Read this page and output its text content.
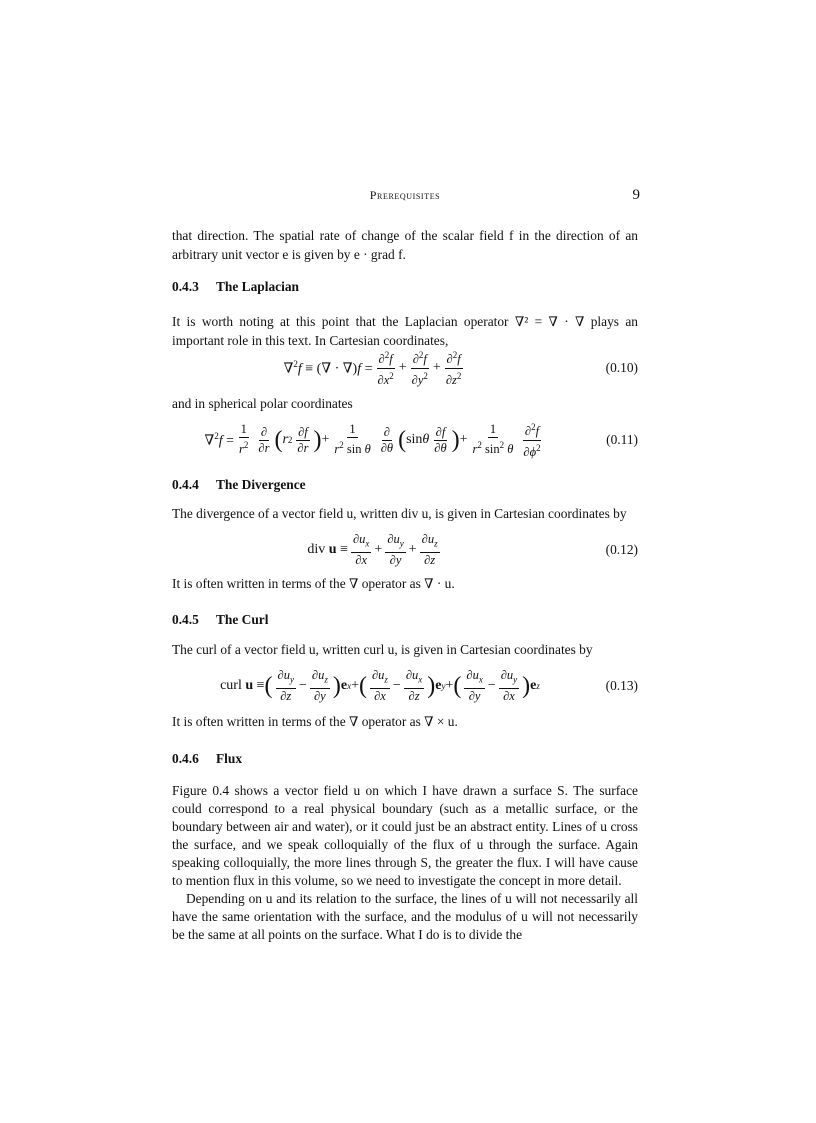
Prerequisites	9
that direction. The spatial rate of change of the scalar field f in the direction of an arbitrary unit vector e is given by e · grad f.
0.4.3 The Laplacian
It is worth noting at this point that the Laplacian operator ∇² = ∇ · ∇ plays an important role in this text. In Cartesian coordinates,
∇$^2$f ≡ (∇ · $\nabla)f = \frac{\partial^2f}{\partial x^2} + \frac{\partial^2f}{\partial y^2} + \frac{\partial^2f}{\partial z^2}$	(0.10)
and in spherical polar coordinates
$\nabla^2f = \frac{1}{r^2} \frac{\partial}{\partial r}$ ( r $2 \frac{\partial f}{\partial r}$ ) + $\frac{1}{r^2 \sin \theta} \frac{\partial}{\partial\theta}$ ( sin θ $\frac{\partial f}{\partial\theta}$ ) + $\frac{1}{r^2 \sin^2 \theta} \frac{\partial^2f}{\partial\phi^2}$	(0.11)
0.4.4 The Divergence
The divergence of a vector field u, written div u, is given in Cartesian coordinates by
div $u \equiv \frac{\partial u_x}{\partial x} + \frac{\partial u_y}{\partial y} + \frac{\partial u_z}{\partial z}$	(0.12)
It is often written in terms of the ∇ operator as ∇ · u.
0.4.5 The Curl
The curl of a vector field u, written curl u, is given in Cartesian coordinates by
curl u ≡ ( $\frac{\partial u_y}{\partial z} - \frac{\partial u_z}{\partial y}$ ) e x + ( $\frac{\partial u_z}{\partial x} - \frac{\partial u_x}{\partial z}$ ) e y + ( $\frac{\partial u_x}{\partial y} - \frac{\partial u_y}{\partial x}$ ) e z	(0.13)
It is often written in terms of the ∇ operator as ∇ × u.
0.4.6 Flux

Figure 0.4 shows a vector field u on which I have drawn a surface S. The surface could correspond to a real physical boundary (such as a metallic surface, or the boundary between air and water), or it could just be an abstract entity. Lines of u cross the surface, and we speak colloquially of the flux of u through the surface. Again speaking colloquially, the more lines through S, the greater the flux. I will have cause to mention flux in this volume, so we need to investigate the concept in more detail.

Depending on u and its relation to the surface, the lines of u will not necessarily all have the same orientation with the surface, and the modulus of u will not necessarily be the same at all points on the surface. What I do is to divide the
